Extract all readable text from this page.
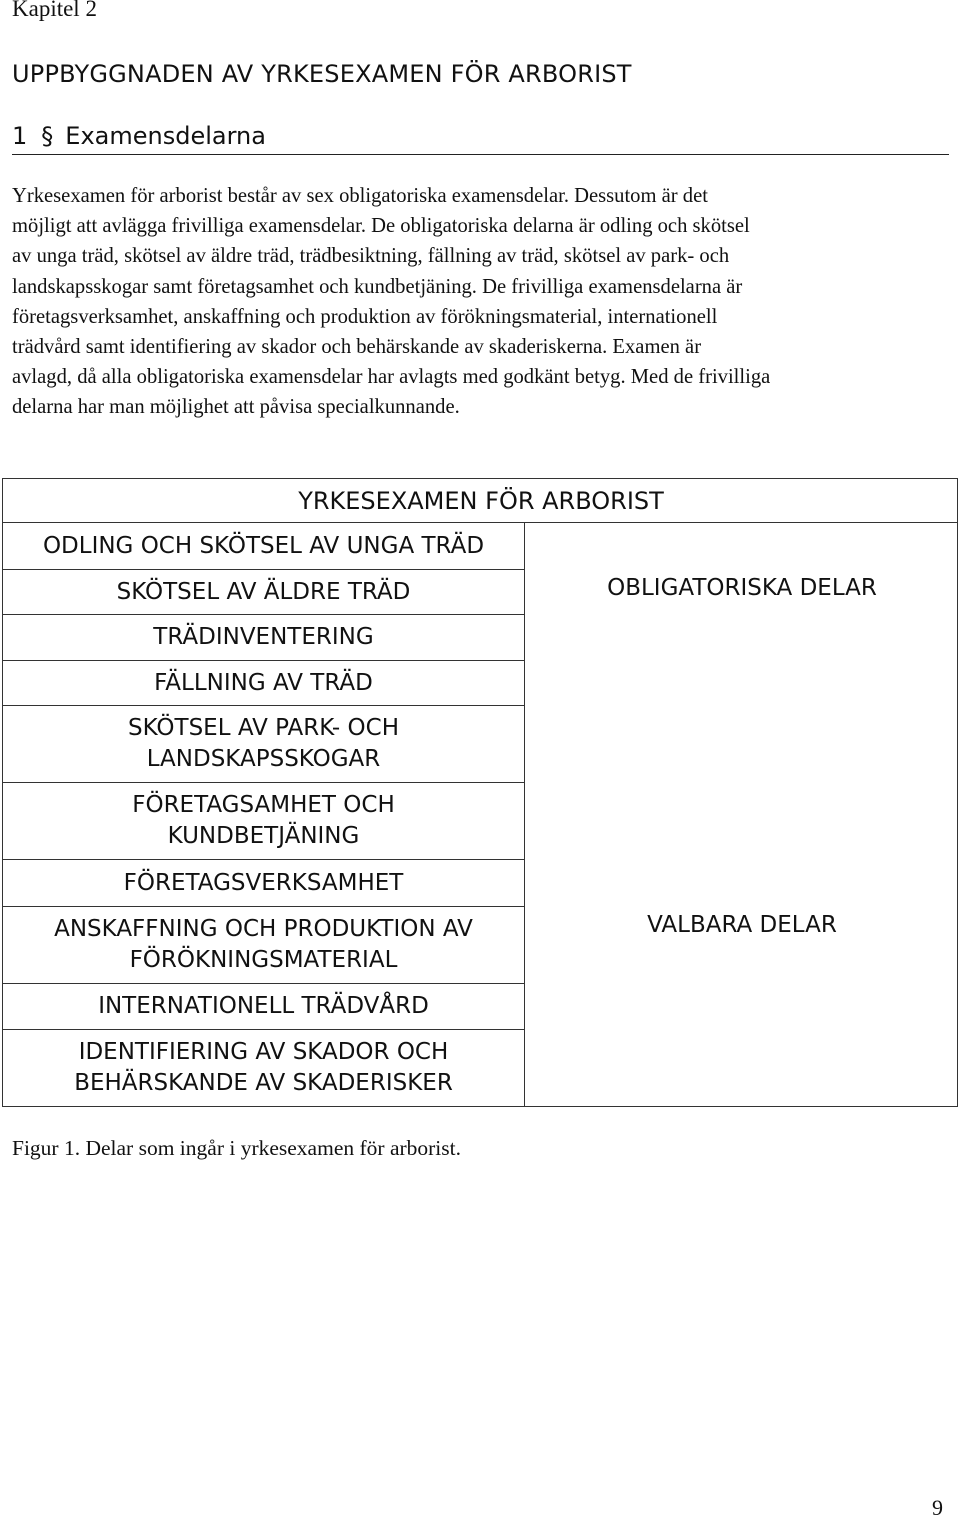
Kapitel 2
UPPBYGGNADEN AV YRKESEXAMEN FÖR ARBORIST
1 § Examensdelarna

Yrkesexamen för arborist består av sex obligatoriska examensdelar. Dessutom är det
möjligt att avlägga frivilliga examensdelar. De obligatoriska delarna är odling och skötsel
av unga träd, skötsel av äldre träd, trädbesiktning, fällning av träd, skötsel av park- och
landskapsskogar samt företagsamhet och kundbetjäning. De frivilliga examensdelarna är
företagsverksamhet, anskaffning och produktion av förökningsmaterial, internationell
trädvård samt identifiering av skador och behärskande av skaderiskerna. Examen är
avlagd, då alla obligatoriska examensdelar har avlagts med godkänt betyg. Med de frivilliga
delarna har man möjlighet att påvisa specialkunnande.

YRKESEXAMEN FÖR ARBORIST
ODLING OCH SKÖTSEL AV UNGA TRÄD
SKÖTSEL AV ÄLDRE TRÄD
TRÄDINVENTERING
FÄLLNING AV TRÄD
SKÖTSEL AV PARK- OCH
LANDSKAPSSKOGAR
FÖRETAGSAMHET OCH
KUNDBETJÄNING
FÖRETAGSVERKSAMHET
ANSKAFFNING OCH PRODUKTION AV
FÖRÖKNINGSMATERIAL
INTERNATIONELL TRÄDVÅRD
IDENTIFIERING AV SKADOR OCH
BEHÄRSKANDE AV SKADERISKER
OBLIGATORISKA DELAR
VALBARA DELAR
Figur 1. Delar som ingår i yrkesexamen för arborist.
9
